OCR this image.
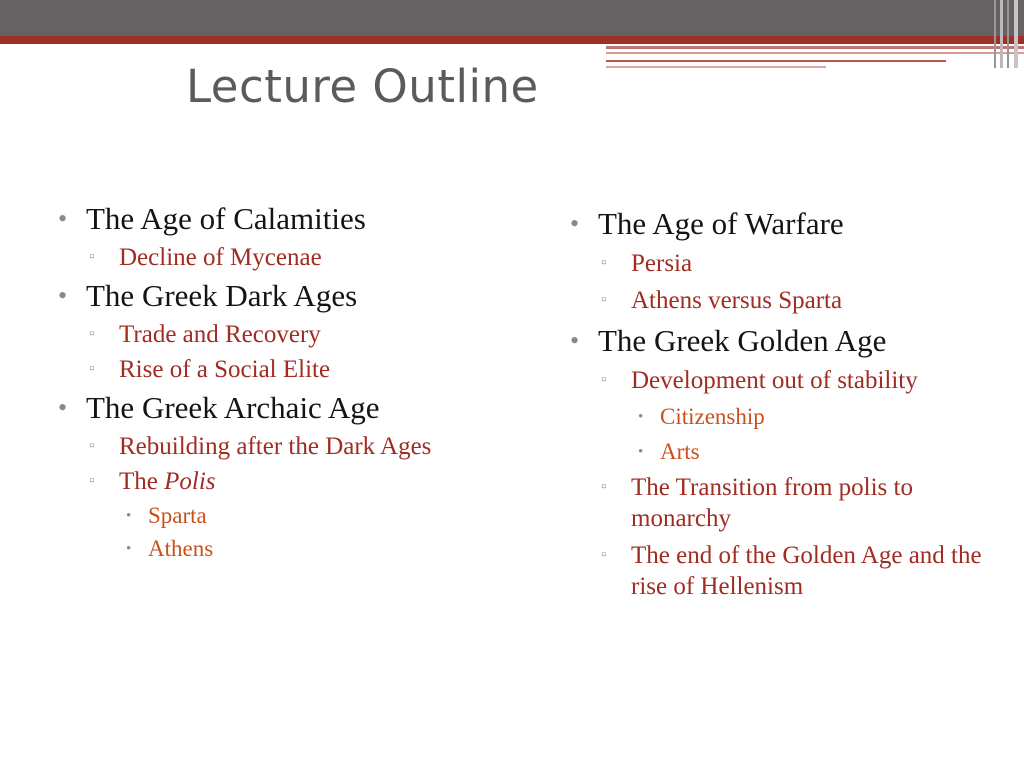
Lecture Outline
• The Age of Calamities
▫ Decline of Mycenae
• The Greek Dark Ages
▫ Trade and Recovery
▫ Rise of a Social Elite
• The Greek Archaic Age
▫ Rebuilding after the Dark Ages
▫ The Polis
• Sparta
• Athens
• The Age of Warfare
▫ Persia
▫ Athens versus Sparta
• The Greek Golden Age
▫ Development out of stability
• Citizenship
• Arts
▫ The Transition from polis to monarchy
▫ The end of the Golden Age and the rise of Hellenism
